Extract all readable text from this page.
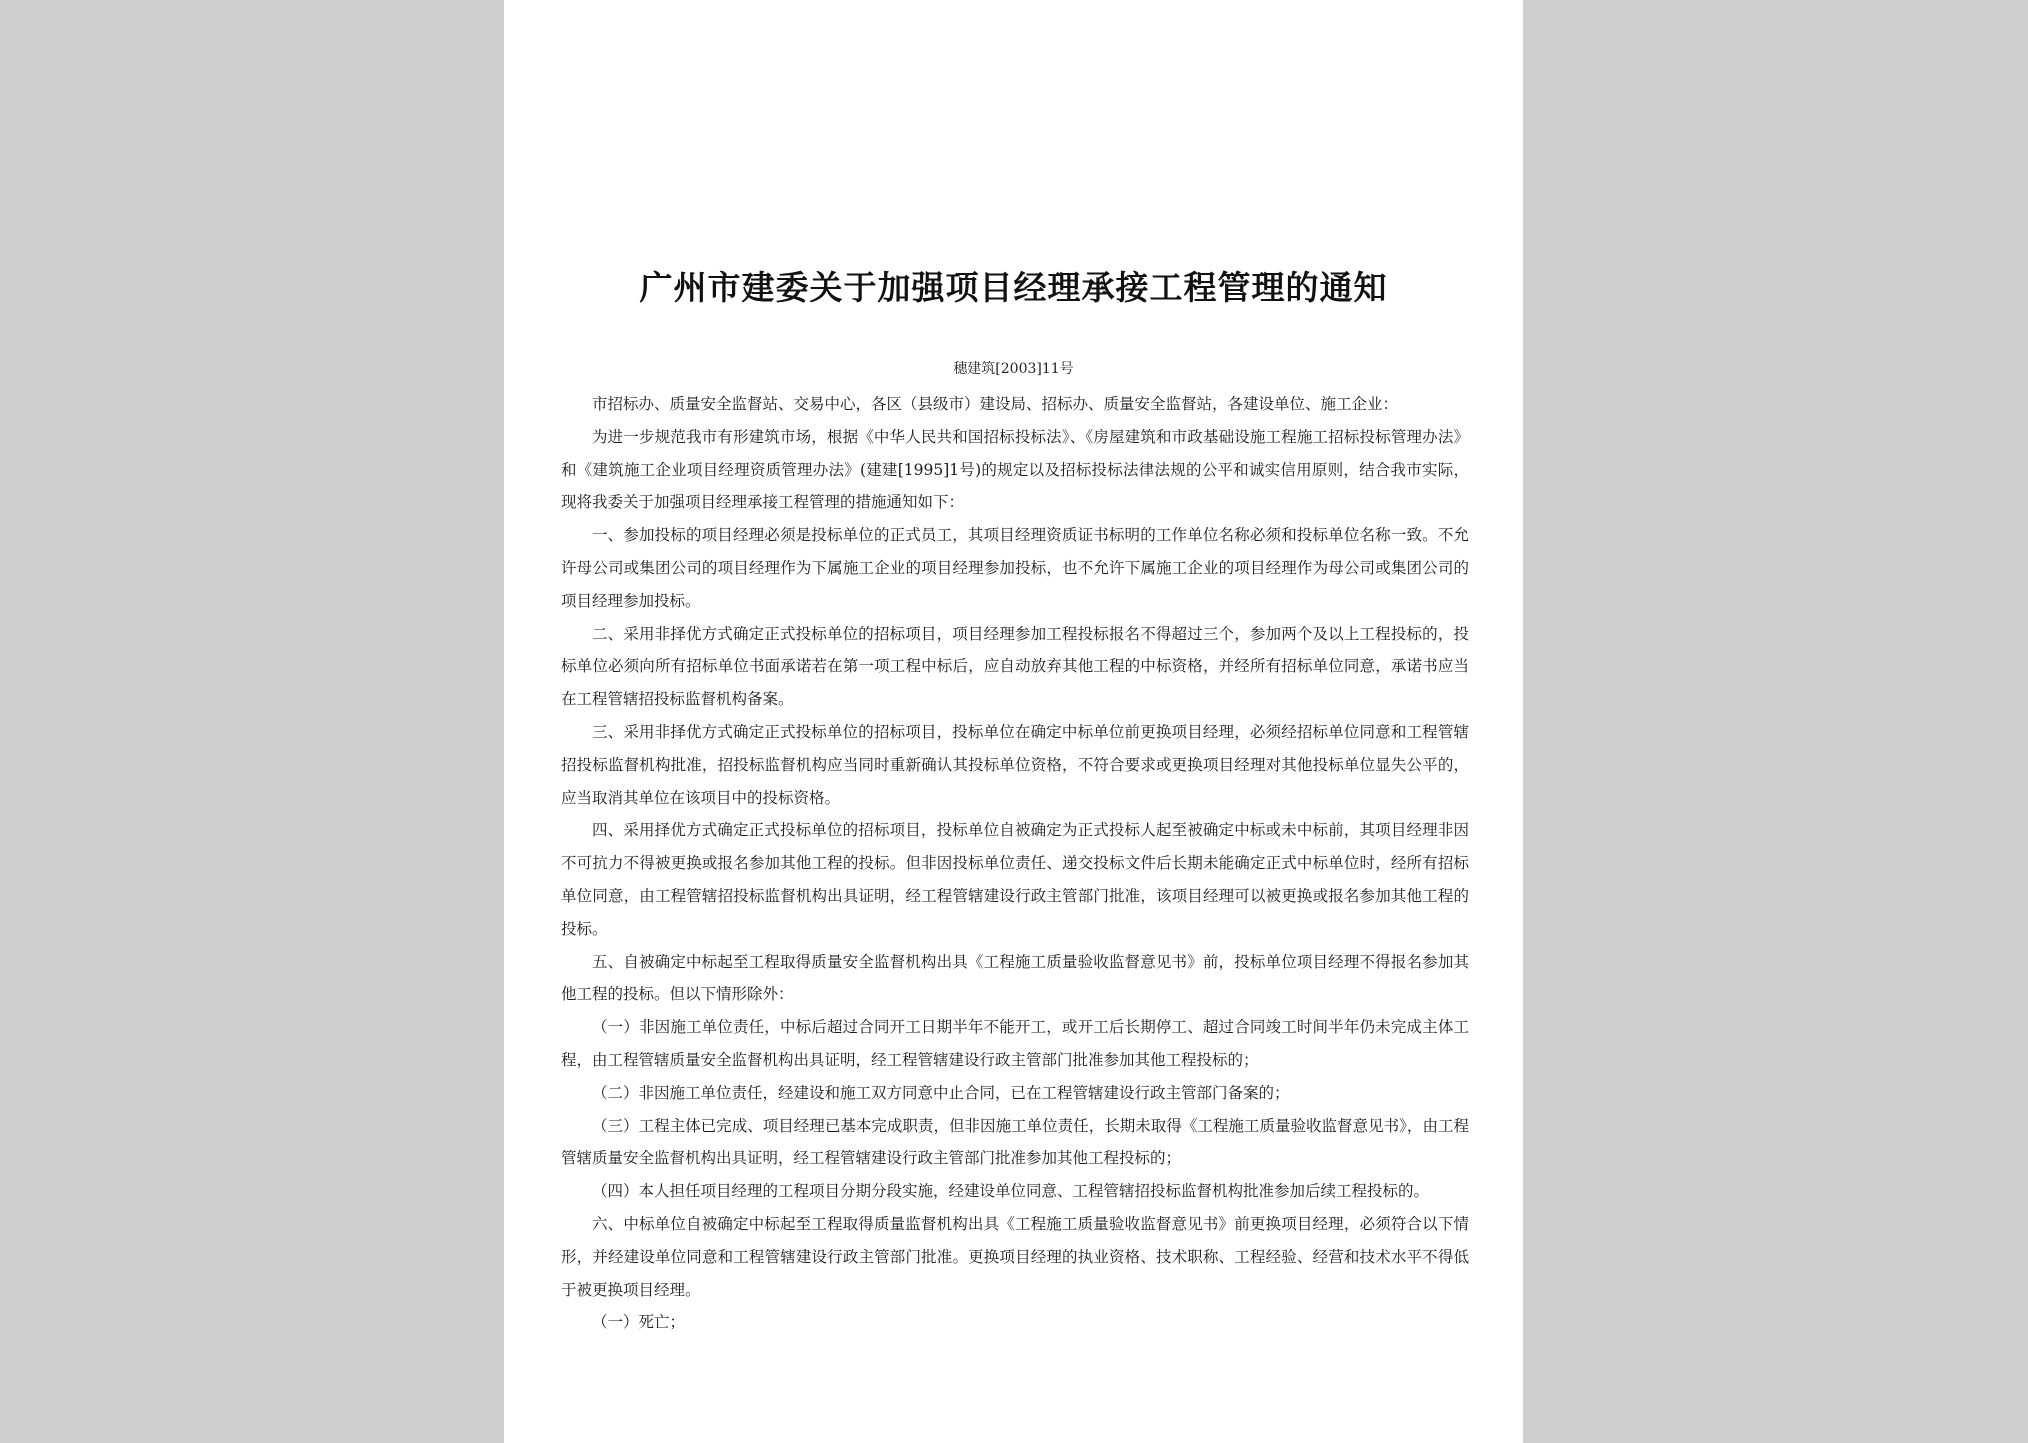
广州市建委关于加强项目经理承接工程管理的通知
穗建筑[2003]11号

市招标办、质量安全监督站、交易中心，各区（县级市）建设局、招标办、质量安全监督站，各建设单位、施工企业：

为进一步规范我市有形建筑市场，根据《中华人民共和国招标投标法》、《房屋建筑和市政基础设施工程施工招标投标管理办法》和《建筑施工企业项目经理资质管理办法》(建建[1995]1号)的规定以及招标投标法律法规的公平和诚实信用原则，结合我市实际，现将我委关于加强项目经理承接工程管理的措施通知如下：

一、参加投标的项目经理必须是投标单位的正式员工，其项目经理资质证书标明的工作单位名称必须和投标单位名称一致。不允许母公司或集团公司的项目经理作为下属施工企业的项目经理参加投标，也不允许下属施工企业的项目经理作为母公司或集团公司的项目经理参加投标。

二、采用非择优方式确定正式投标单位的招标项目，项目经理参加工程投标报名不得超过三个，参加两个及以上工程投标的，投标单位必须向所有招标单位书面承诺若在第一项工程中标后，应自动放弃其他工程的中标资格，并经所有招标单位同意，承诺书应当在工程管辖招投标监督机构备案。

三、采用非择优方式确定正式投标单位的招标项目，投标单位在确定中标单位前更换项目经理，必须经招标单位同意和工程管辖招投标监督机构批准，招投标监督机构应当同时重新确认其投标单位资格，不符合要求或更换项目经理对其他投标单位显失公平的，应当取消其单位在该项目中的投标资格。

四、采用择优方式确定正式投标单位的招标项目，投标单位自被确定为正式投标人起至被确定中标或未中标前，其项目经理非因不可抗力不得被更换或报名参加其他工程的投标。但非因投标单位责任、递交投标文件后长期未能确定正式中标单位时，经所有招标单位同意，由工程管辖招投标监督机构出具证明，经工程管辖建设行政主管部门批准，该项目经理可以被更换或报名参加其他工程的投标。

五、自被确定中标起至工程取得质量安全监督机构出具《工程施工质量验收监督意见书》前，投标单位项目经理不得报名参加其他工程的投标。但以下情形除外：

（一）非因施工单位责任，中标后超过合同开工日期半年不能开工，或开工后长期停工、超过合同竣工时间半年仍未完成主体工程，由工程管辖质量安全监督机构出具证明，经工程管辖建设行政主管部门批准参加其他工程投标的；

（二）非因施工单位责任，经建设和施工双方同意中止合同，已在工程管辖建设行政主管部门备案的；

（三）工程主体已完成、项目经理已基本完成职责，但非因施工单位责任，长期未取得《工程施工质量验收监督意见书》，由工程管辖质量安全监督机构出具证明，经工程管辖建设行政主管部门批准参加其他工程投标的；

（四）本人担任项目经理的工程项目分期分段实施，经建设单位同意、工程管辖招投标监督机构批准参加后续工程投标的。

六、中标单位自被确定中标起至工程取得质量监督机构出具《工程施工质量验收监督意见书》前更换项目经理，必须符合以下情形，并经建设单位同意和工程管辖建设行政主管部门批准。更换项目经理的执业资格、技术职称、工程经验、经营和技术水平不得低于被更换项目经理。

（一）死亡；
